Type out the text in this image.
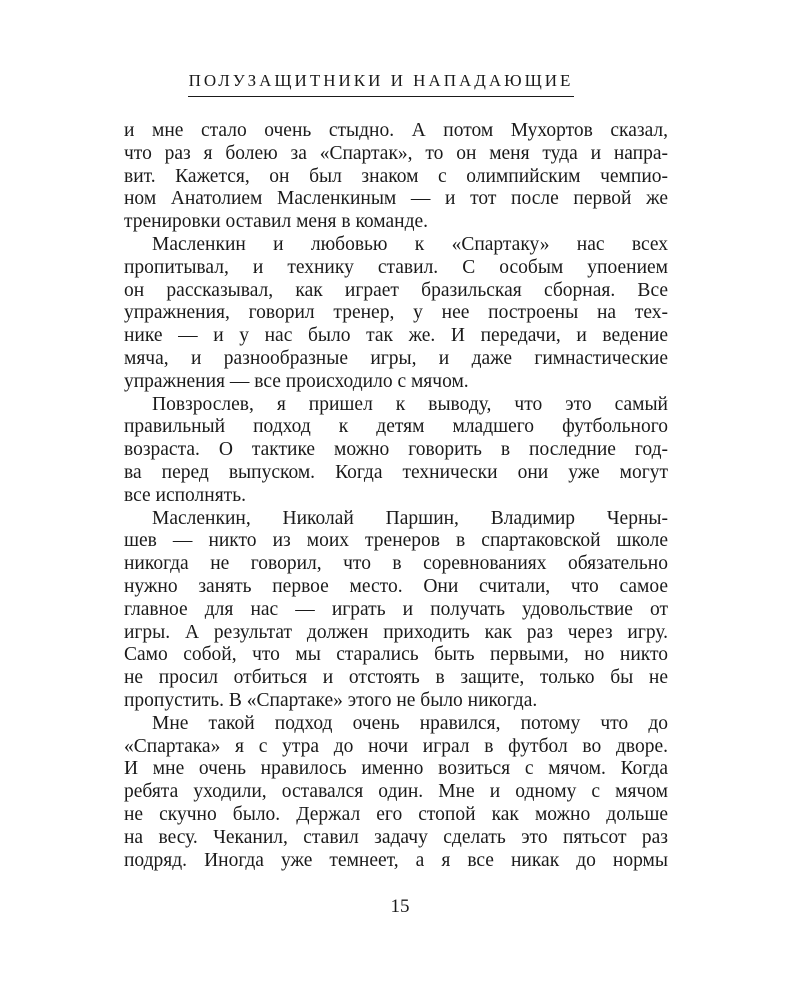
ПОЛУЗАЩИТНИКИ И НАПАДАЮЩИЕ
и мне стало очень стыдно. А потом Мухортов сказал,
что раз я болею за «Спартак», то он меня туда и напра-
вит. Кажется, он был знаком с олимпийским чемпио-
ном Анатолием Масленкиным — и тот после первой же
тренировки оставил меня в команде.
Масленкин и любовью к «Спартаку» нас всех
пропитывал, и технику ставил. С особым упоением
он рассказывал, как играет бразильская сборная. Все
упражнения, говорил тренер, у нее построены на тех-
нике — и у нас было так же. И передачи, и ведение
мяча, и разнообразные игры, и даже гимнастические
упражнения — все происходило с мячом.
Повзрослев, я пришел к выводу, что это самый
правильный подход к детям младшего футбольного
возраста. О тактике можно говорить в последние год-
ва перед выпуском. Когда технически они уже могут
все исполнять.
Масленкин, Николай Паршин, Владимир Черны-
шев — никто из моих тренеров в спартаковской школе
никогда не говорил, что в соревнованиях обязательно
нужно занять первое место. Они считали, что самое
главное для нас — играть и получать удовольствие от
игры. А результат должен приходить как раз через игру.
Само собой, что мы старались быть первыми, но никто
не просил отбиться и отстоять в защите, только бы не
пропустить. В «Спартаке» этого не было никогда.
Мне такой подход очень нравился, потому что до
«Спартака» я с утра до ночи играл в футбол во дворе.
И мне очень нравилось именно возиться с мячом. Когда
ребята уходили, оставался один. Мне и одному с мячом
не скучно было. Держал его стопой как можно дольше
на весу. Чеканил, ставил задачу сделать это пятьсот раз
подряд. Иногда уже темнеет, а я все никак до нормы
15
